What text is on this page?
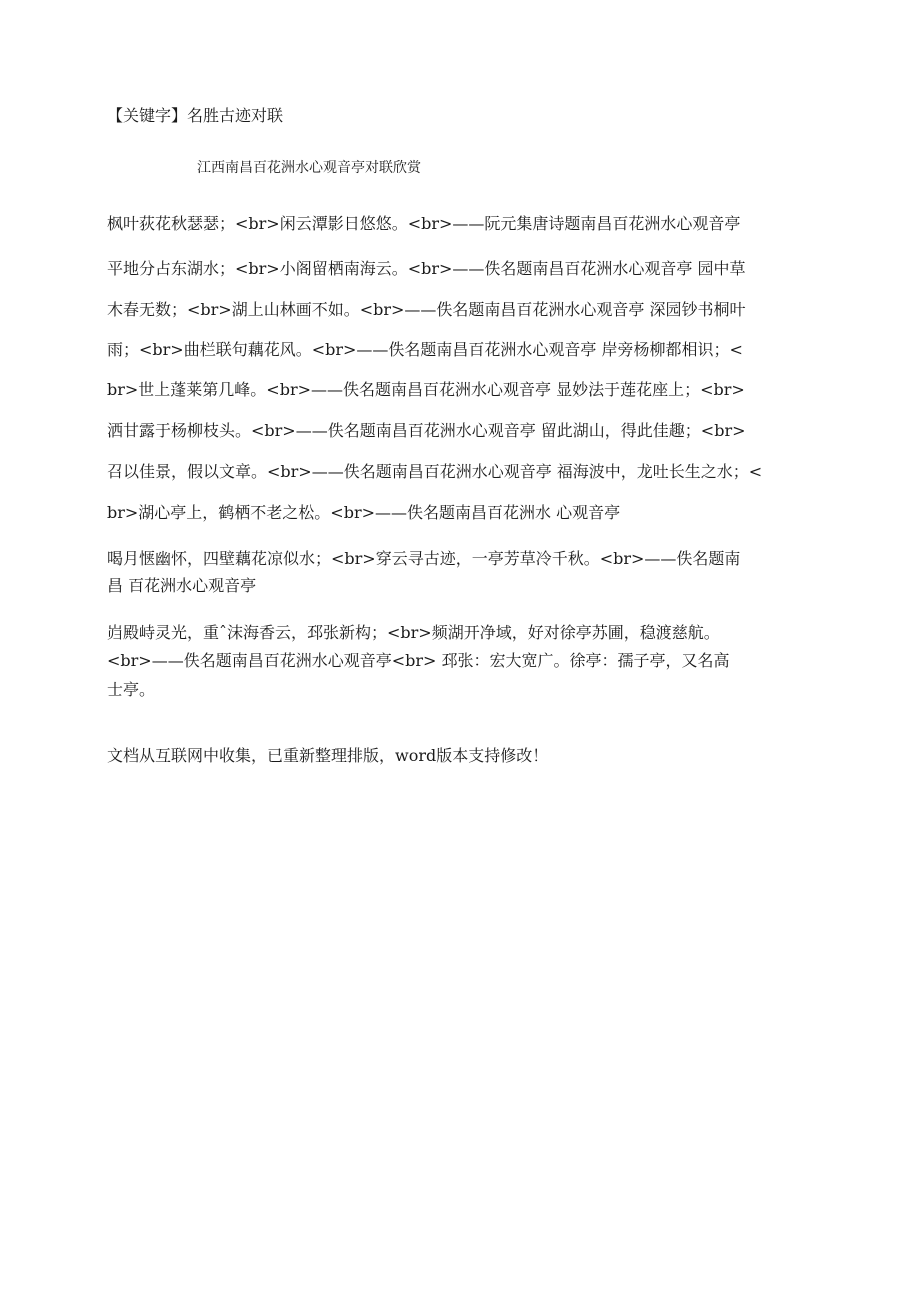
【关键字】名胜古迹对联
江西南昌百花洲水心观音亭对联欣赏
枫叶荻花秋瑟瑟；<br>闲云潭影日悠悠。<br>——阮元集唐诗题南昌百花洲水心观音亭
平地分占东湖水；<br>小阁留栖南海云。<br>——佚名题南昌百花洲水心观音亭 园中草
木春无数；<br>湖上山林画不如。<br>——佚名题南昌百花洲水心观音亭 深园钞书桐叶
雨；<br>曲栏联句藕花风。<br>——佚名题南昌百花洲水心观音亭 岸旁杨柳都相识；<
br>世上蓬莱第几峰。<br>——佚名题南昌百花洲水心观音亭 显妙法于莲花座上；<br>
洒甘露于杨柳枝头。<br>——佚名题南昌百花洲水心观音亭 留此湖山，得此佳趣；<br>
召以佳景，假以文章。<br>——佚名题南昌百花洲水心观音亭 福海波中，龙吐长生之水；<
br>湖心亭上，鹤栖不老之松。<br>——佚名题南昌百花洲水 心观音亭
喝月惬幽怀，四壁藕花凉似水；<br>穿云寻古迹，一亭芳草冷千秋。<br>——佚名题南
昌 百花洲水心观音亭
岿殿峙灵光，重ˆ沫海香云，邳张新构；<br>频湖开净域，好对徐亭苏圃，稳渡慈航。
<br>——佚名题南昌百花洲水心观音亭<br> 邳张：宏大宽广。徐亭：孺子亭，又名高
士亭。
文档从互联网中收集，已重新整理排版，word版本支持修改！
